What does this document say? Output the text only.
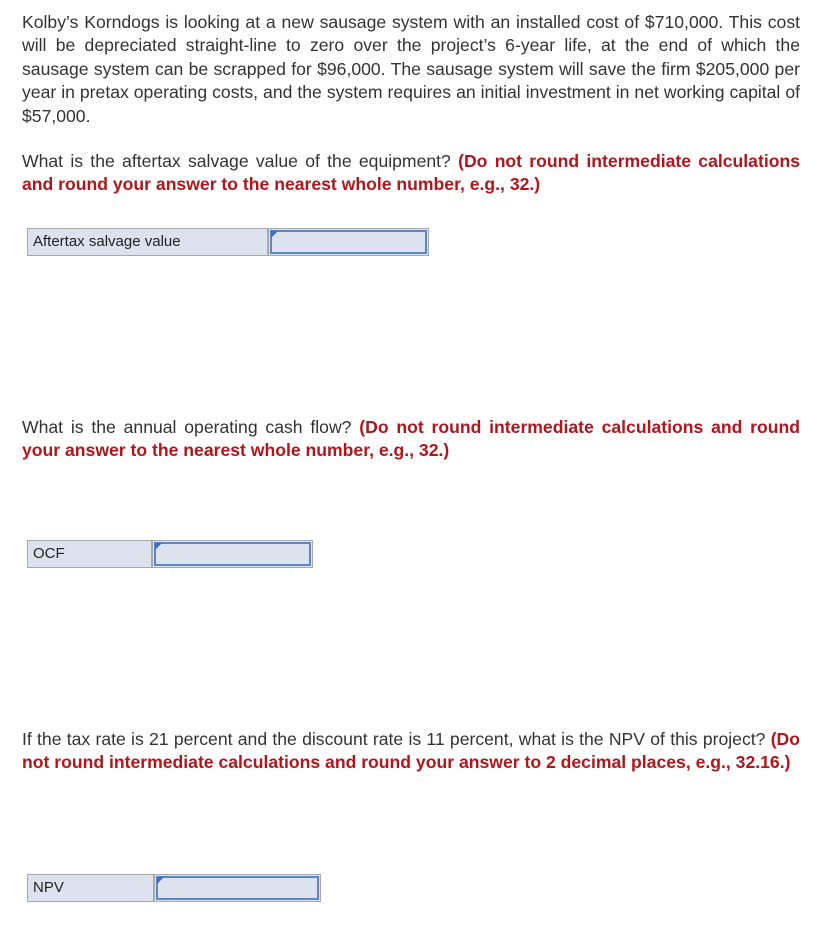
Kolby’s Korndogs is looking at a new sausage system with an installed cost of $710,000. This cost will be depreciated straight-line to zero over the project’s 6-year life, at the end of which the sausage system can be scrapped for $96,000. The sausage system will save the firm $205,000 per year in pretax operating costs, and the system requires an initial investment in net working capital of $57,000.

What is the aftertax salvage value of the equipment? (Do not round intermediate calculations and round your answer to the nearest whole number, e.g., 32.)

Aftertax salvage value

What is the annual operating cash flow? (Do not round intermediate calculations and round your answer to the nearest whole number, e.g., 32.)

OCF

If the tax rate is 21 percent and the discount rate is 11 percent, what is the NPV of this project? (Do not round intermediate calculations and round your answer to 2 decimal places, e.g., 32.16.)

NPV
